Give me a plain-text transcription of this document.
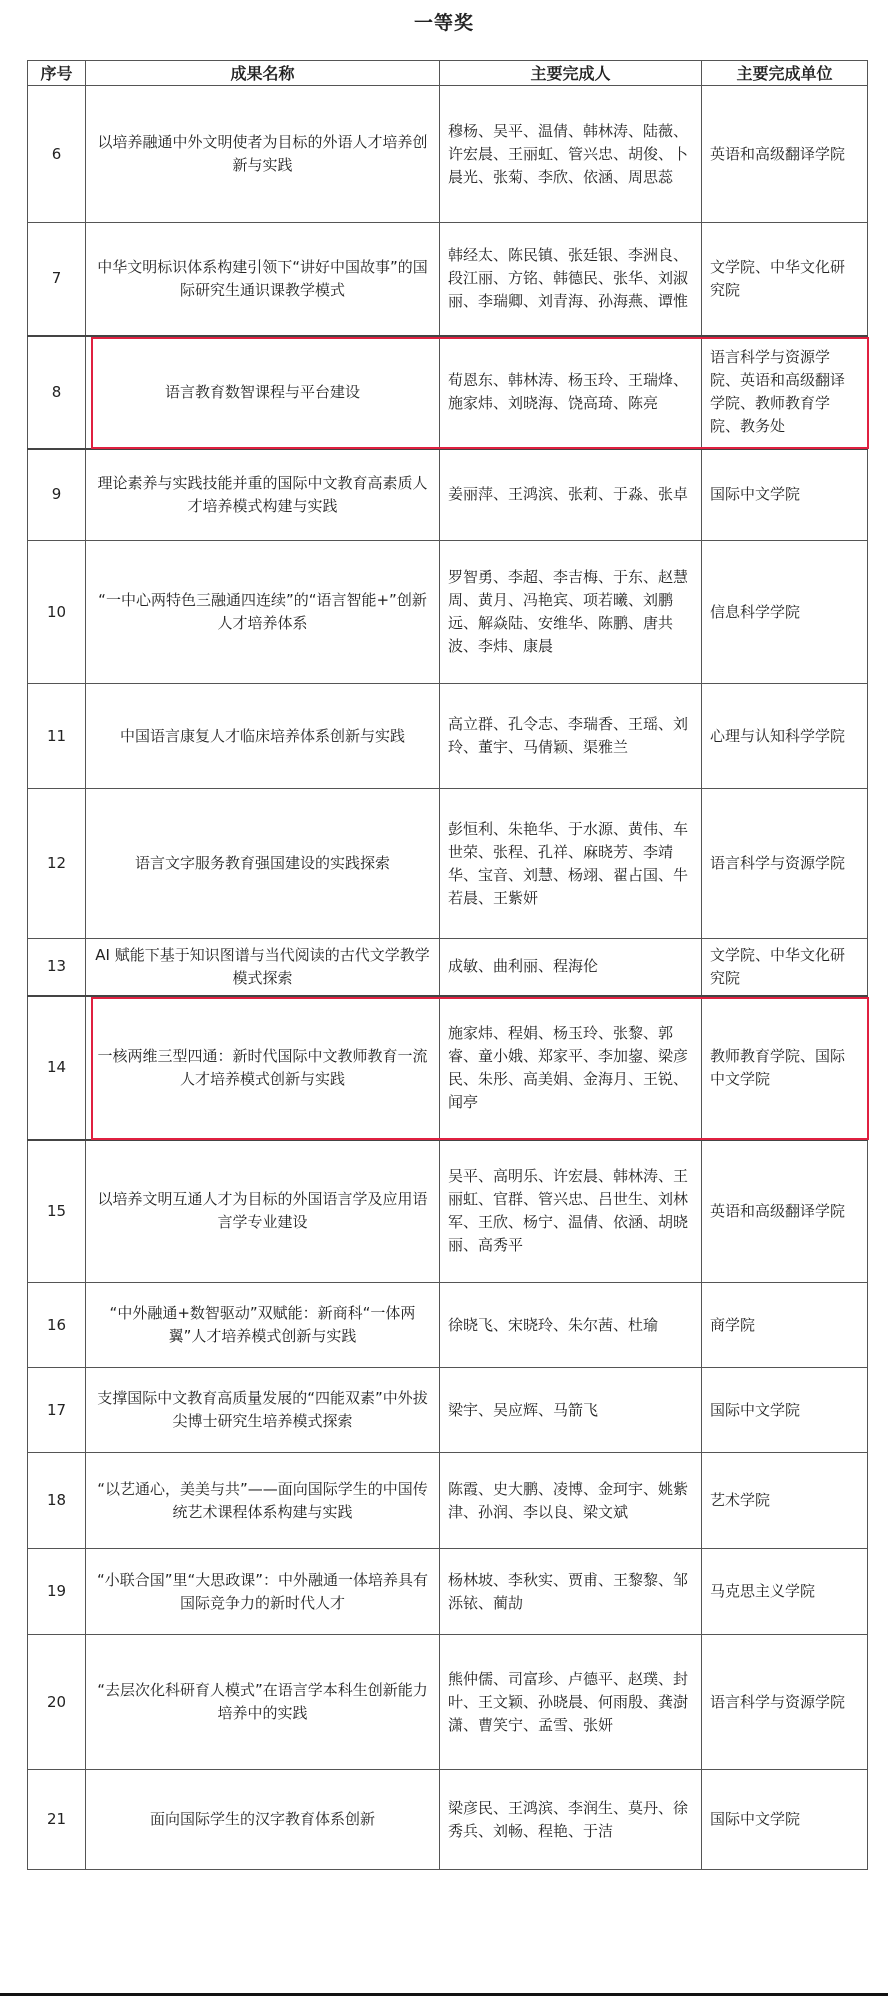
一等奖
序号	成果名称	主要完成人	主要完成单位
6	以培养融通中外文明使者为目标的外语人才培养创新与实践	穆杨、吴平、温倩、韩林涛、陆薇、许宏晨、王丽虹、管兴忠、胡俊、卜晨光、张菊、李欣、依涵、周思蕊	英语和高级翻译学院
7	中华文明标识体系构建引领下“讲好中国故事”的国际研究生通识课教学模式	韩经太、陈民镇、张廷银、李洲良、段江丽、方铭、韩德民、张华、刘淑丽、李瑞卿、刘青海、孙海燕、谭惟	文学院、中华文化研究院
8	语言教育数智课程与平台建设	荀恩东、韩林涛、杨玉玲、王瑞烽、施家炜、刘晓海、饶高琦、陈亮	语言科学与资源学院、英语和高级翻译学院、教师教育学院、教务处
9	理论素养与实践技能并重的国际中文教育高素质人才培养模式构建与实践	姜丽萍、王鸿滨、张莉、于淼、张卓	国际中文学院
10	“一中心两特色三融通四连续”的“语言智能+”创新人才培养体系	罗智勇、李超、李吉梅、于东、赵慧周、黄月、冯艳宾、项若曦、刘鹏远、解焱陆、安维华、陈鹏、唐共波、李炜、康晨	信息科学学院
11	中国语言康复人才临床培养体系创新与实践	高立群、孔令志、李瑞香、王瑶、刘玲、董宇、马倩颖、渠雅兰	心理与认知科学学院
12	语言文字服务教育强国建设的实践探索	彭恒利、朱艳华、于水源、黄伟、车世荣、张程、孔祥、麻晓芳、李靖华、宝音、刘慧、杨翊、翟占国、牛若晨、王紫妍	语言科学与资源学院
13	AI 赋能下基于知识图谱与当代阅读的古代文学教学模式探索	成敏、曲利丽、程海伦	文学院、中华文化研究院
14	一核两维三型四通：新时代国际中文教师教育一流人才培养模式创新与实践	施家炜、程娟、杨玉玲、张黎、郭睿、童小娥、郑家平、李加鋆、梁彦民、朱彤、高美娟、金海月、王锐、闻亭	教师教育学院、国际中文学院
15	以培养文明互通人才为目标的外国语言学及应用语言学专业建设	吴平、高明乐、许宏晨、韩林涛、王丽虹、官群、管兴忠、吕世生、刘林军、王欣、杨宁、温倩、依涵、胡晓丽、高秀平	英语和高级翻译学院
16	“中外融通+数智驱动”双赋能：新商科“一体两翼”人才培养模式创新与实践	徐晓飞、宋晓玲、朱尔茜、杜瑜	商学院
17	支撑国际中文教育高质量发展的“四能双素”中外拔尖博士研究生培养模式探索	梁宇、吴应辉、马箭飞	国际中文学院
18	“以艺通心，美美与共”——面向国际学生的中国传统艺术课程体系构建与实践	陈霞、史大鹏、凌博、金珂宇、姚紫津、孙润、李以良、梁文斌	艺术学院
19	“小联合国”里“大思政课”：中外融通一体培养具有国际竞争力的新时代人才	杨林坡、李秋实、贾甫、王黎黎、邹泺铱、蔺劼	马克思主义学院
20	“去层次化科研育人模式”在语言学本科生创新能力培养中的实践	熊仲儒、司富珍、卢德平、赵璞、封叶、王文颖、孙晓晨、何雨殷、龚澍潇、曹笑宁、孟雪、张妍	语言科学与资源学院
21	面向国际学生的汉字教育体系创新	梁彦民、王鸿滨、李润生、莫丹、徐秀兵、刘畅、程艳、于洁	国际中文学院
